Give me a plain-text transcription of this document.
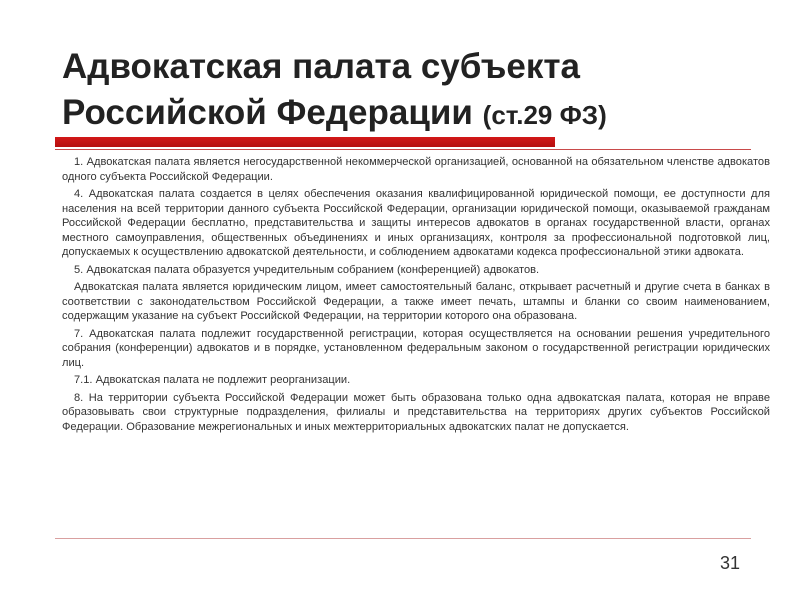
Адвокатская палата субъекта
Российской Федерации (ст.29 ФЗ)

1. Адвокатская палата является негосударственной некоммерческой организацией, основанной на обязательном членстве адвокатов одного субъекта Российской Федерации.

4. Адвокатская палата создается в целях обеспечения оказания квалифицированной юридической помощи, ее доступности для населения на всей территории данного субъекта Российской Федерации, организации юридической помощи, оказываемой гражданам Российской Федерации бесплатно, представительства и защиты интересов адвокатов в органах государственной власти, органах местного самоуправления, общественных объединениях и иных организациях, контроля за профессиональной подготовкой лиц, допускаемых к осуществлению адвокатской деятельности, и соблюдением адвокатами кодекса профессиональной этики адвоката.

5. Адвокатская палата образуется учредительным собранием (конференцией) адвокатов.

Адвокатская палата является юридическим лицом, имеет самостоятельный баланс, открывает расчетный и другие счета в банках в соответствии с законодательством Российской Федерации, а также имеет печать, штампы и бланки со своим наименованием, содержащим указание на субъект Российской Федерации, на территории которого она образована.

7. Адвокатская палата подлежит государственной регистрации, которая осуществляется на основании решения учредительного собрания (конференции) адвокатов и в порядке, установленном федеральным законом о государственной регистрации юридических лиц.

7.1. Адвокатская палата не подлежит реорганизации.

8. На территории субъекта Российской Федерации может быть образована только одна адвокатская палата, которая не вправе образовывать свои структурные подразделения, филиалы и представительства на территориях других субъектов Российской Федерации. Образование межрегиональных и иных межтерриториальных адвокатских палат не допускается.

31
